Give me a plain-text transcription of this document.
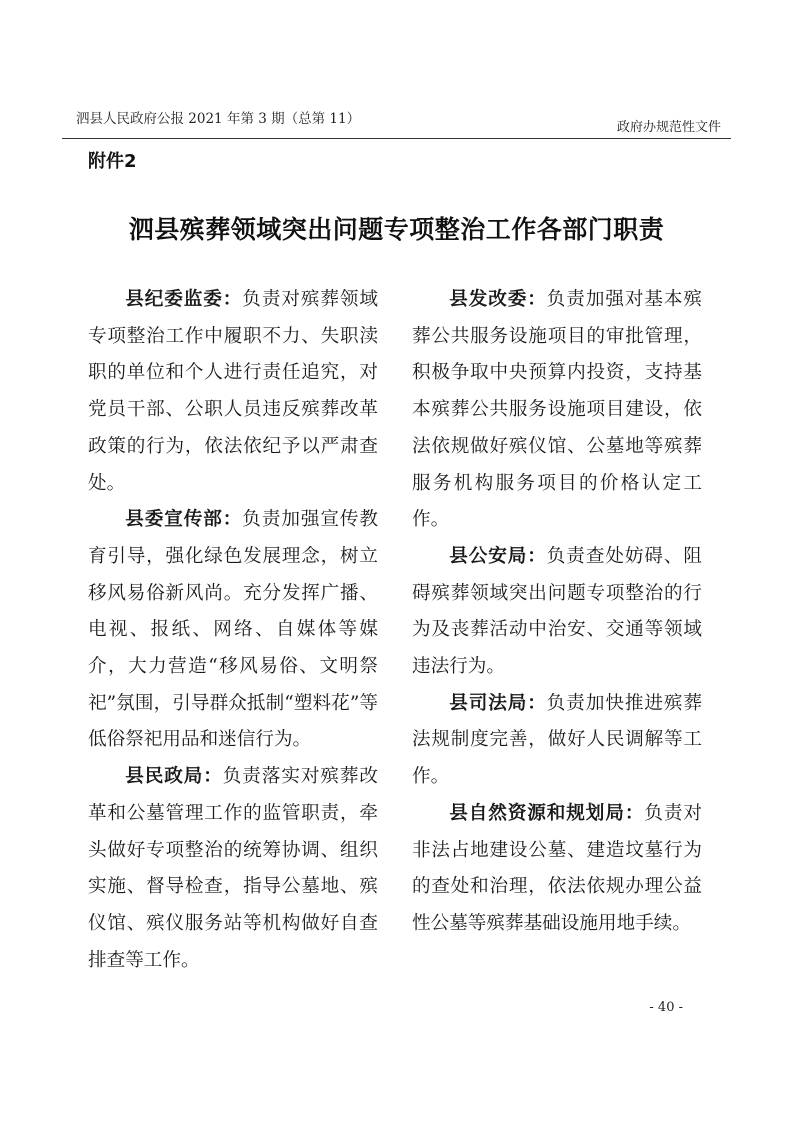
泗县人民政府公报 2021 年第 3 期（总第 11）
政府办规范性文件
附件2
泗县殡葬领域突出问题专项整治工作各部门职责

县纪委监委：负责对殡葬领域专项整治工作中履职不力、失职渎职的单位和个人进行责任追究，对党员干部、公职人员违反殡葬改革政策的行为，依法依纪予以严肃查处。

县委宣传部：负责加强宣传教育引导，强化绿色发展理念，树立移风易俗新风尚。充分发挥广播、电视、报纸、网络、自媒体等媒介，大力营造“移风易俗、文明祭祀”氛围，引导群众抵制“塑料花”等低俗祭祀用品和迷信行为。

县民政局：负责落实对殡葬改革和公墓管理工作的监管职责，牵头做好专项整治的统筹协调、组织实施、督导检查，指导公墓地、殡仪馆、殡仪服务站等机构做好自查排查等工作。

县发改委：负责加强对基本殡葬公共服务设施项目的审批管理，积极争取中央预算内投资，支持基本殡葬公共服务设施项目建设，依法依规做好殡仪馆、公墓地等殡葬服务机构服务项目的价格认定工作。

县公安局：负责查处妨碍、阻碍殡葬领域突出问题专项整治的行为及丧葬活动中治安、交通等领域违法行为。

县司法局：负责加快推进殡葬法规制度完善，做好人民调解等工作。

县自然资源和规划局：负责对非法占地建设公墓、建造坟墓行为的查处和治理，依法依规办理公益性公墓等殡葬基础设施用地手续。

- 40 -
